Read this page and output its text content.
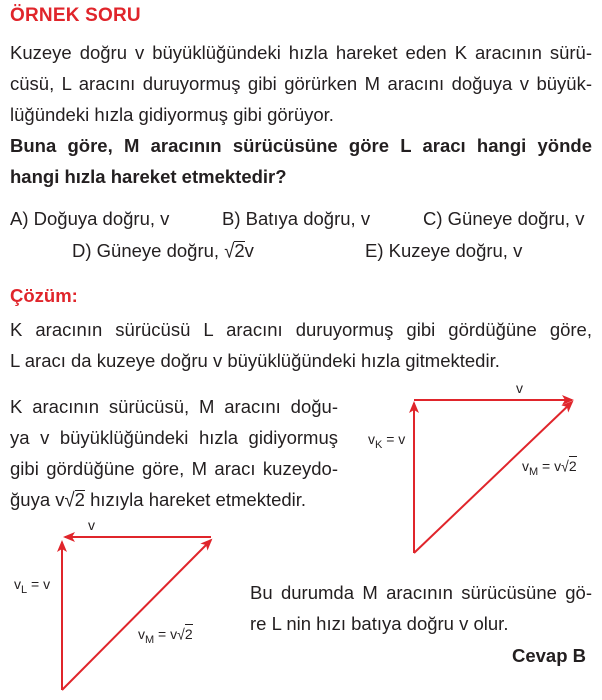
ÖRNEK SORU
Kuzeye doğru v büyüklüğündeki hızla hareket eden K aracının sürü-
cüsü, L aracını duruyormuş gibi görürken M aracını doğuya v büyük-
lüğündeki hızla gidiyormuş gibi görüyor.
Buna göre, M aracının sürücüsüne göre L aracı hangi yönde
hangi hızla hareket etmektedir?
A) Doğuya doğru, v	B) Batıya doğru, v	C) Güneye doğru, v
D) Güneye doğru, √2v	E) Kuzeye doğru, v
Çözüm:
K aracının sürücüsü L aracını duruyormuş gibi gördüğüne göre,
L aracı da kuzeye doğru v büyüklüğündeki hızla gitmektedir.
K aracının sürücüsü, M aracını doğu-
ya v büyüklüğündeki hızla gidiyormuş
gibi gördüğüne göre, M aracı kuzeydo-
ğuya v√2 hızıyla hareket etmektedir.
Bu durumda M aracının sürücüsüne gö-
re L nin hızı batıya doğru v olur.
Cevap B
v
$v_K = v$
$v_M = v√2$
v
$v_L = v$
$v_M = v√2$
